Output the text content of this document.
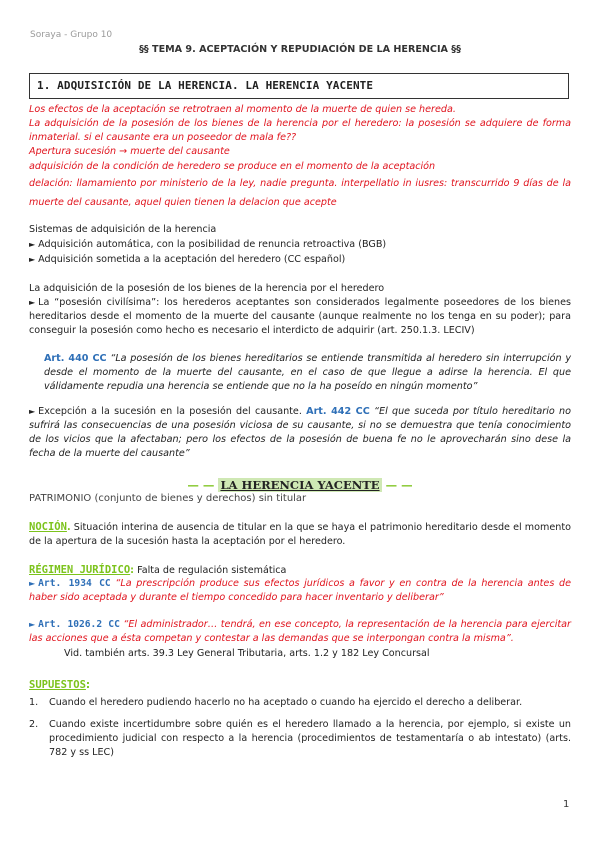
Soraya - Grupo 10
§§ TEMA 9. ACEPTACIÓN Y REPUDIACIÓN DE LA HERENCIA §§
1. ADQUISICIÓN DE LA HERENCIA. LA HERENCIA YACENTE
Los efectos de la aceptación se retrotraen al momento de la muerte de quien se hereda.
La adquisición de la posesión de los bienes de la herencia por el heredero: la posesión se adquiere de forma inmaterial. si el causante era un poseedor de mala fe??
Apertura sucesión → muerte del causante
adquisición de la condición de heredero se produce en el momento de la aceptación
delación: llamamiento por ministerio de la ley, nadie pregunta. interpellatio in iusres: transcurrido 9 días de la muerte del causante, aquel quien tienen la delacion que acepte
Sistemas de adquisición de la herencia
► Adquisición automática, con la posibilidad de renuncia retroactiva (BGB)
► Adquisición sometida a la aceptación del heredero (CC español)
La adquisición de la posesión de los bienes de la herencia por el heredero
► La “posesión civilísima”: los herederos aceptantes son considerados legalmente poseedores de los bienes hereditarios desde el momento de la muerte del causante (aunque realmente no los tenga en su poder); para conseguir la posesión como hecho es necesario el interdicto de adquirir (art. 250.1.3. LECIV)
Art. 440 CC “La posesión de los bienes hereditarios se entiende transmitida al heredero sin interrupción y desde el momento de la muerte del causante, en el caso de que llegue a adirse la herencia. El que válidamente repudia una herencia se entiende que no la ha poseído en ningún momento”
► Excepción a la sucesión en la posesión del causante. Art. 442 CC “El que suceda por título hereditario no sufrirá las consecuencias de una posesión viciosa de su causante, si no se demuestra que tenía conocimiento de los vicios que la afectaban; pero los efectos de la posesión de buena fe no le aprovecharán sino dese la fecha de la muerte del causante”
— — LA HERENCIA YACENTE — —
PATRIMONIO (conjunto de bienes y derechos) sin titular
NOCIÓN. Situación interina de ausencia de titular en la que se haya el patrimonio hereditario desde el momento de la apertura de la sucesión hasta la aceptación por el heredero.
RÉGIMEN JURÍDICO: Falta de regulación sistemática
► Art. 1934 CC “La prescripción produce sus efectos jurídicos a favor y en contra de la herencia antes de haber sido aceptada y durante el tiempo concedido para hacer inventario y deliberar”
► Art. 1026.2 CC “El administrador… tendrá, en ese concepto, la representación de la herencia para ejercitar las acciones que a ésta competan y contestar a las demandas que se interpongan contra la misma”.
Vid. también arts. 39.3 Ley General Tributaria, arts. 1.2 y 182 Ley Concursal
SUPUESTOS:
1. Cuando el heredero pudiendo hacerlo no ha aceptado o cuando ha ejercido el derecho a deliberar.
2. Cuando existe incertidumbre sobre quién es el heredero llamado a la herencia, por ejemplo, si existe un procedimiento judicial con respecto a la herencia (procedimientos de testamentaría o ab intestato) (arts. 782 y ss LEC)
1
